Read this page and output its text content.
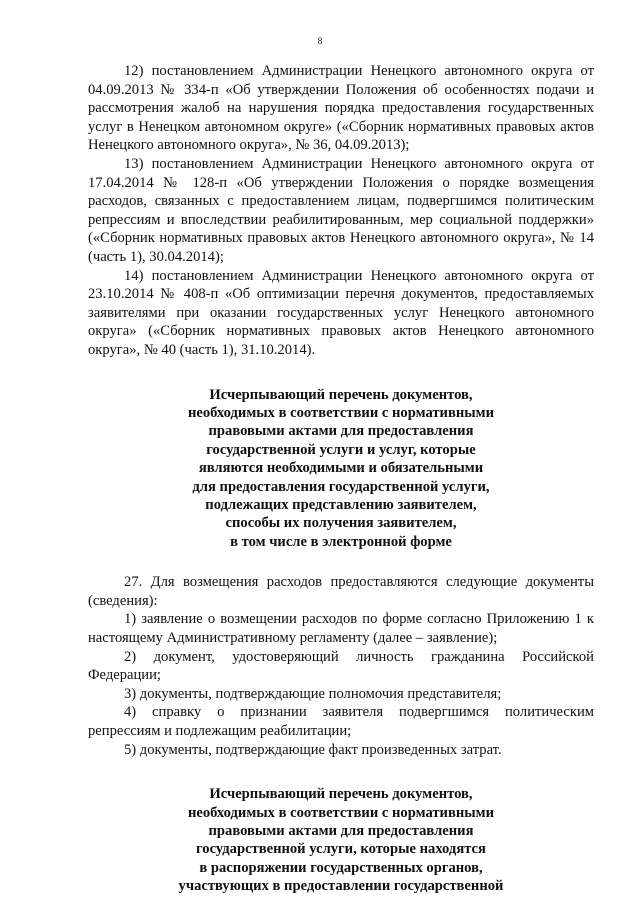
8

12) постановлением Администрации Ненецкого автономного округа от 04.09.2013 № 334-п «Об утверждении Положения об особенностях подачи и рассмотрения жалоб на нарушения порядка предоставления государственных услуг в Ненецком автономном округе» («Сборник нормативных правовых актов Ненецкого автономного округа», № 36, 04.09.2013);

13) постановлением Администрации Ненецкого автономного округа от 17.04.2014 № 128-п «Об утверждении Положения о порядке возмещения расходов, связанных с предоставлением лицам, подвергшимся политическим репрессиям и впоследствии реабилитированным, мер социальной поддержки» («Сборник нормативных правовых актов Ненецкого автономного округа», № 14 (часть 1), 30.04.2014);

14) постановлением Администрации Ненецкого автономного округа от 23.10.2014 № 408-п «Об оптимизации перечня документов, предоставляемых заявителями при оказании государственных услуг Ненецкого автономного округа» («Сборник нормативных правовых актов Ненецкого автономного округа», № 40 (часть 1), 31.10.2014).

Исчерпывающий перечень документов,
необходимых в соответствии с нормативными
правовыми актами для предоставления
государственной услуги и услуг, которые
являются необходимыми и обязательными
для предоставления государственной услуги,
подлежащих представлению заявителем,
способы их получения заявителем,
в том числе в электронной форме

27. Для возмещения расходов предоставляются следующие документы (сведения):

1) заявление о возмещении расходов по форме согласно Приложению 1 к настоящему Административному регламенту (далее – заявление);

2) документ, удостоверяющий личность гражданина Российской Федерации;

3) документы, подтверждающие полномочия представителя;

4) справку о признании заявителя подвергшимся политическим репрессиям и подлежащим реабилитации;

5) документы, подтверждающие факт произведенных затрат.

Исчерпывающий перечень документов,
необходимых в соответствии с нормативными
правовыми актами для предоставления
государственной услуги, которые находятся
в распоряжении государственных органов,
участвующих в предоставлении государственной
